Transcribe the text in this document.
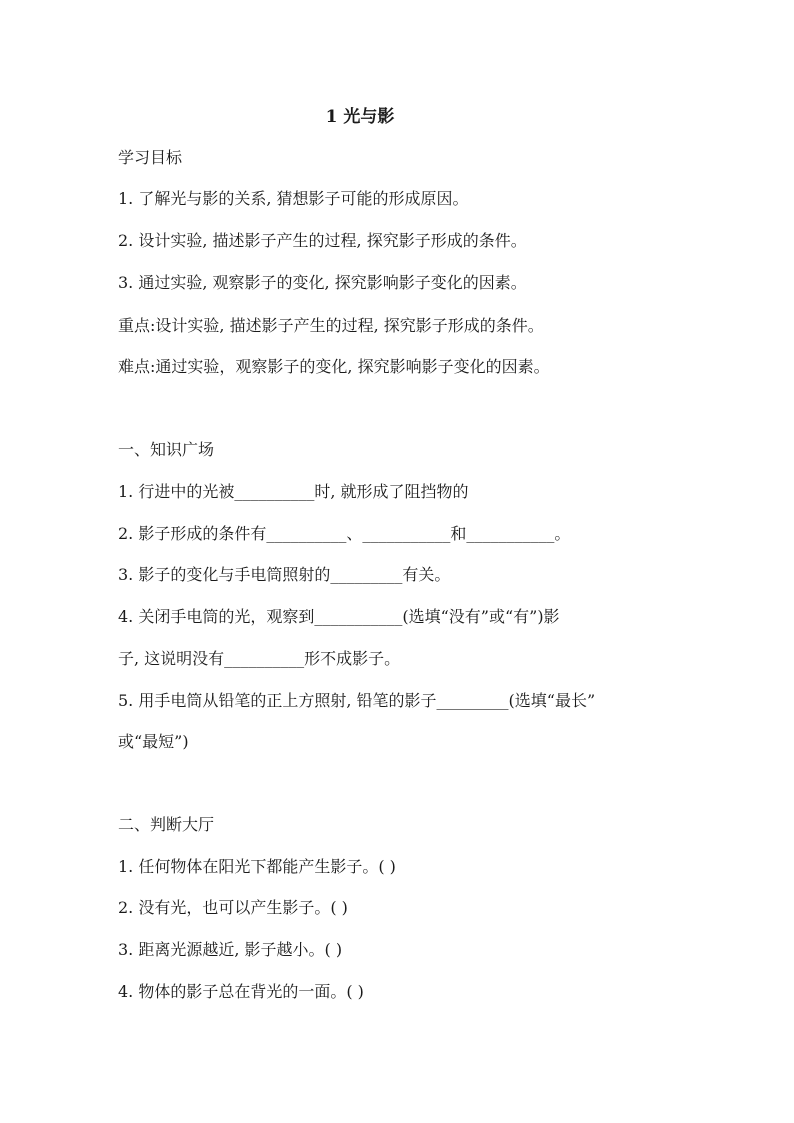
1 光与影
学习目标
1. 了解光与影的关系, 猜想影子可能的形成原因。
2. 设计实验, 描述影子产生的过程, 探究影子形成的条件。
3. 通过实验, 观察影子的变化, 探究影响影子变化的因素。
重点:设计实验, 描述影子产生的过程, 探究影子形成的条件。
难点:通过实验，观察影子的变化, 探究影响影子变化的因素。
一、知识广场
1. 行进中的光被__________时, 就形成了阻挡物的
2. 影子形成的条件有__________、___________和___________。
3. 影子的变化与手电筒照射的_________有关。
4. 关闭手电筒的光，观察到___________(选填“没有”或“有”)影
子, 这说明没有__________形不成影子。
5. 用手电筒从铅笔的正上方照射, 铅笔的影子_________(选填“最长”
或“最短”)
二、判断大厅
1. 任何物体在阳光下都能产生影子。( )
2. 没有光，也可以产生影子。( )
3. 距离光源越近, 影子越小。( )
4. 物体的影子总在背光的一面。( )
